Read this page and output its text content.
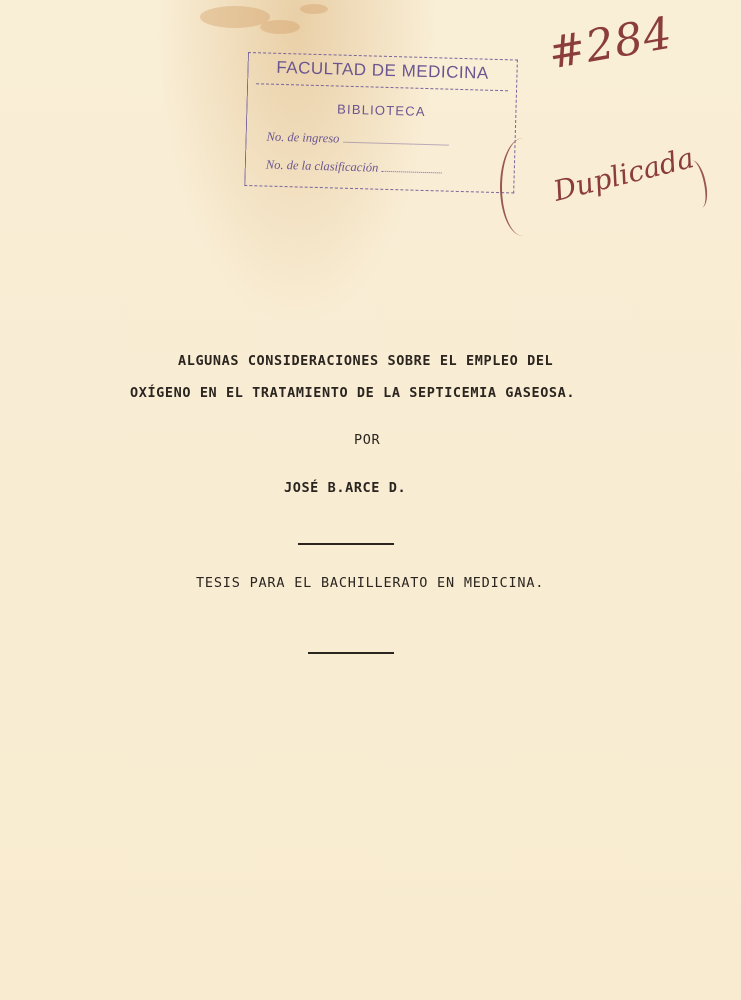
FACULTAD DE MEDICINA
BIBLIOTECA
No. de ingreso
No. de la clasificación
#284
Duplicada
ALGUNAS CONSIDERACIONES SOBRE EL EMPLEO DEL
OXÍGENO EN EL TRATAMIENTO DE LA SEPTICEMIA GASEOSA.
POR
JOSÉ B.ARCE D.
TESIS PARA EL BACHILLERATO EN MEDICINA.
